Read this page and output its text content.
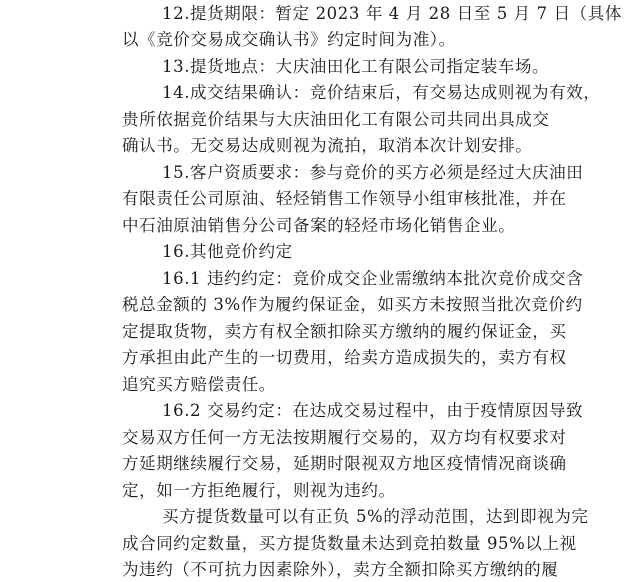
12.提货期限：暂定 2023 年 4 月 28 日至 5 月 7 日（具体
以《竞价交易成交确认书》约定时间为准）。
13.提货地点：大庆油田化工有限公司指定装车场。
14.成交结果确认：竞价结束后，有交易达成则视为有效，
贵所依据竞价结果与大庆油田化工有限公司共同出具成交
确认书。无交易达成则视为流拍，取消本次计划安排。
15.客户资质要求：参与竞价的买方必须是经过大庆油田
有限责任公司原油、轻烃销售工作领导小组审核批准，并在
中石油原油销售分公司备案的轻烃市场化销售企业。
16.其他竞价约定
16.1 违约约定：竞价成交企业需缴纳本批次竞价成交含
税总金额的 3%作为履约保证金，如买方未按照当批次竞价约
定提取货物，卖方有权全额扣除买方缴纳的履约保证金，买
方承担由此产生的一切费用，给卖方造成损失的，卖方有权
追究买方赔偿责任。
16.2 交易约定：在达成交易过程中，由于疫情原因导致
交易双方任何一方无法按期履行交易的，双方均有权要求对
方延期继续履行交易，延期时限视双方地区疫情情况商谈确
定，如一方拒绝履行，则视为违约。
买方提货数量可以有正负 5%的浮动范围，达到即视为完
成合同约定数量，买方提货数量未达到竞拍数量 95%以上视
为违约（不可抗力因素除外），卖方全额扣除买方缴纳的履
